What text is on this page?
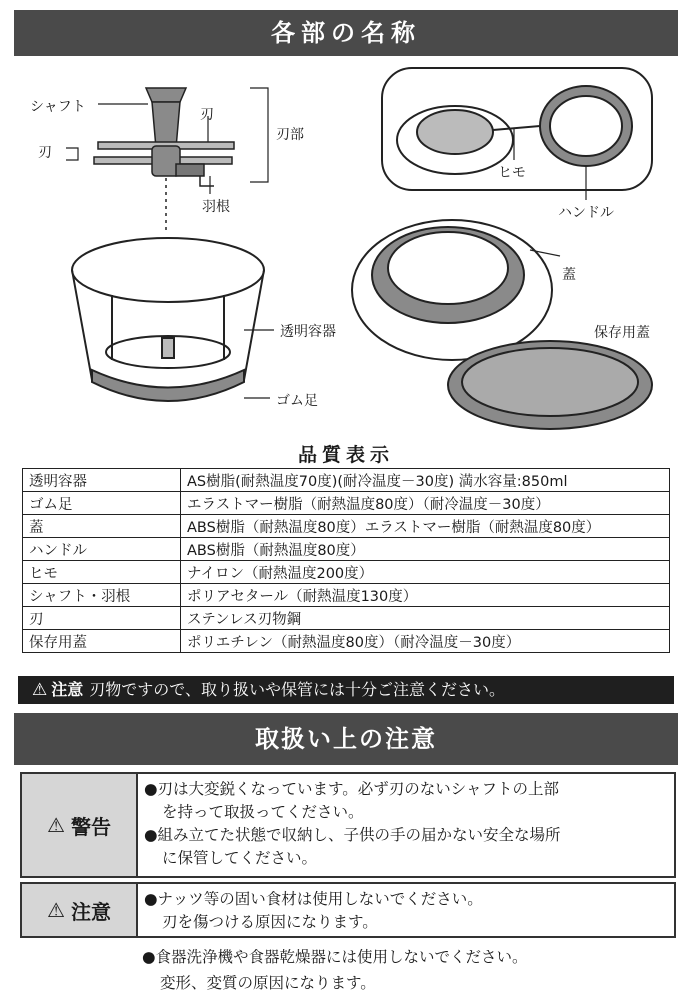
各部の名称
シャフト	刃
刃
刃部
羽根
透明容器
ゴム足
ヒモ
ハンドル
蓋
保存用蓋
品質表示
透明容器	AS樹脂(耐熱温度70度)(耐冷温度－30度) 満水容量:850ml
ゴム足	エラストマー樹脂（耐熱温度80度）（耐冷温度－30度）
蓋	ABS樹脂（耐熱温度80度）エラストマー樹脂（耐熱温度80度）
ハンドル	ABS樹脂（耐熱温度80度）
ヒモ	ナイロン（耐熱温度200度）
シャフト・羽根	ポリアセタール（耐熱温度130度）
刃	ステンレス刃物鋼
保存用蓋	ポリエチレン（耐熱温度80度）（耐冷温度－30度）
⚠ 注意 刃物ですので、取り扱いや保管には十分ご注意ください。
取扱い上の注意
⚠ 警告

●刃は大変鋭くなっています。必ず刃のないシャフトの上部

を持って取扱ってください。

●組み立てた状態で収納し、子供の手の届かない安全な場所

に保管してください。

⚠ 注意

●ナッツ等の固い食材は使用しないでください。

刃を傷つける原因になります。

●食器洗浄機や食器乾燥器には使用しないでください。
変形、変質の原因になります。
